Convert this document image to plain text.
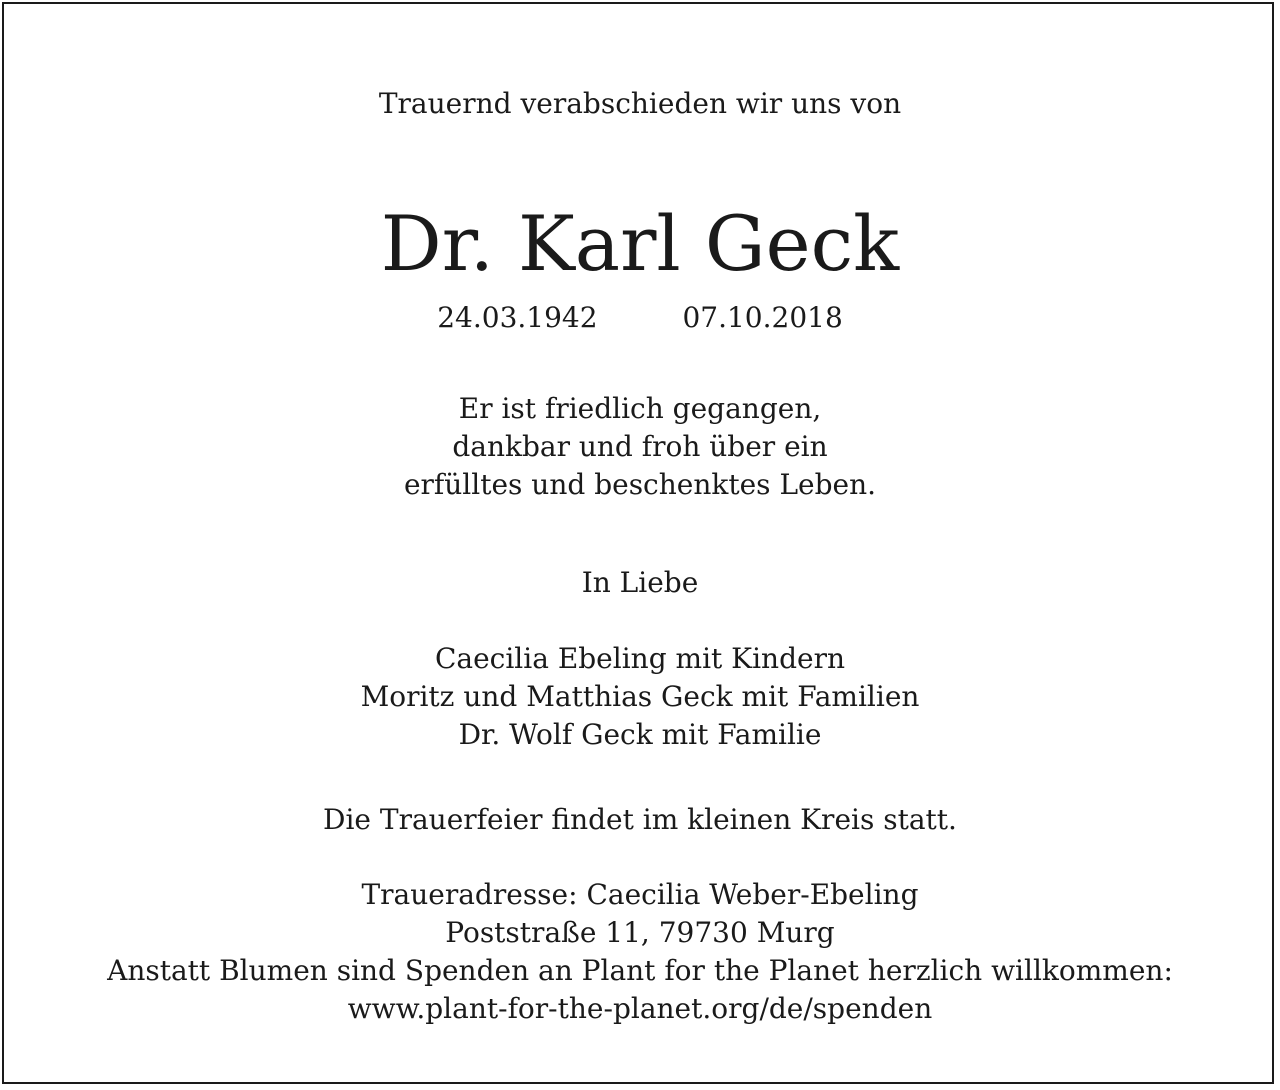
Trauernd verabschieden wir uns von
Dr. Karl Geck
24.03.1942	07.10.2018
Er ist friedlich gegangen,
dankbar und froh über ein
erfülltes und beschenktes Leben.
In Liebe
Caecilia Ebeling mit Kindern
Moritz und Matthias Geck mit Familien
Dr. Wolf Geck mit Familie
Die Trauerfeier findet im kleinen Kreis statt.
Traueradresse: Caecilia Weber-Ebeling
Poststraße 11, 79730 Murg
Anstatt Blumen sind Spenden an Plant for the Planet herzlich willkommen:
www.plant-for-the-planet.org/de/spenden
